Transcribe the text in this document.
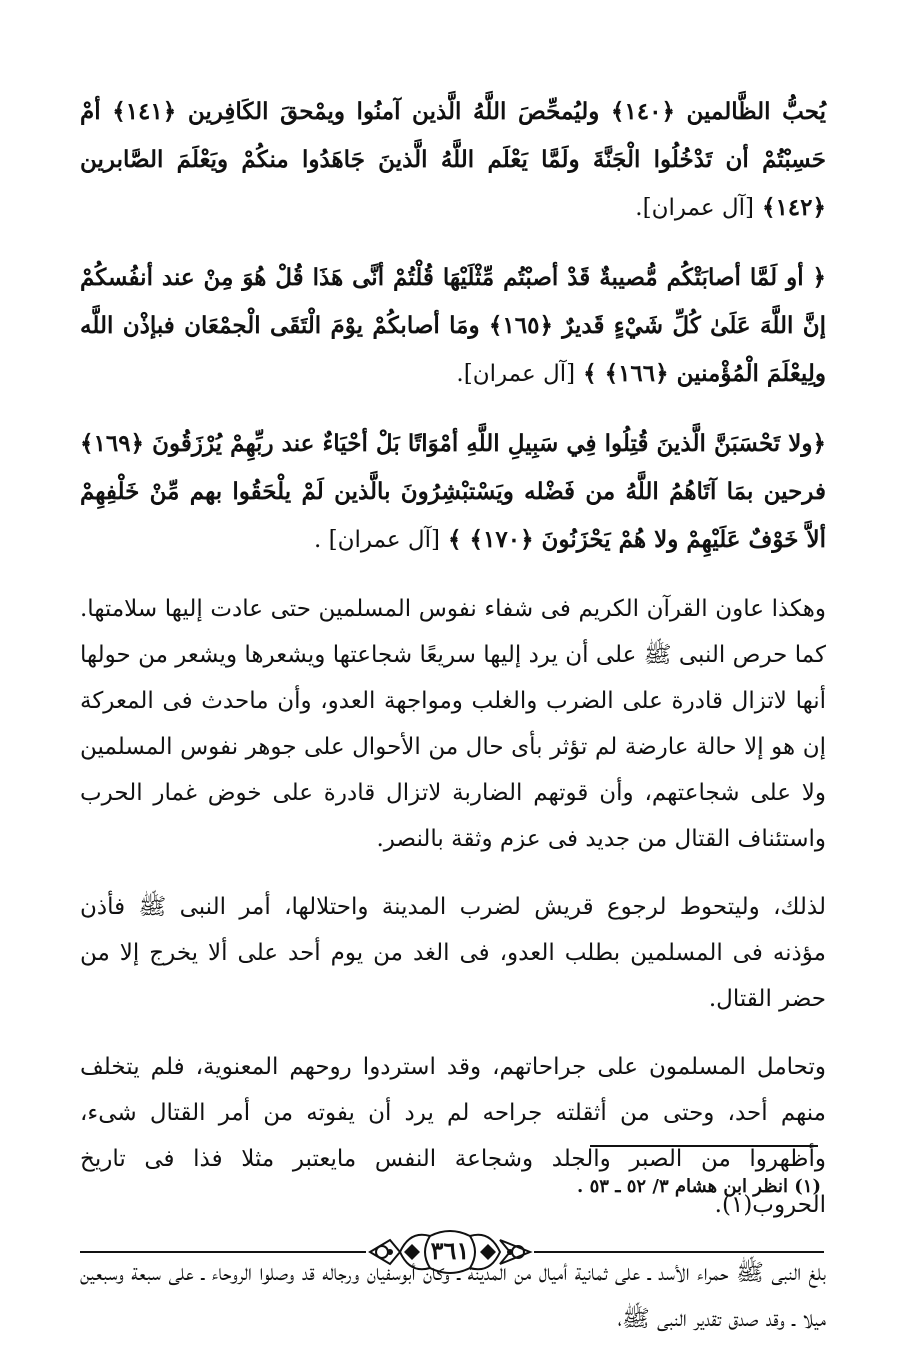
يُحبُّ الظَّالمين ﴿١٤٠﴾ وليُمحِّصَ اللَّهُ الَّذين آمنُوا ويمْحقَ الكَافِرين ﴿١٤١﴾ أمْ حَسِبْتُمْ أن تَدْخُلُوا الْجَنَّةَ ولَمَّا يَعْلَم اللَّهُ الَّذينَ جَاهَدُوا منكُمْ ويَعْلَمَ الصَّابرين ﴿١٤٢﴾ [آل عمران].

﴿ أو لَمَّا أصابَتْكُم مُّصيبةٌ قَدْ أصبْتُم مِّثْلَيْهَا قُلْتُمْ أنَّى هَذَا قُلْ هُوَ مِنْ عند أنفُسكُمْ إنَّ اللَّهَ عَلَىٰ كُلِّ شَيْءٍ قَديرٌ ﴿١٦٥﴾ ومَا أصابكُمْ يوْمَ الْتَقَى الْجمْعَان فبإذْن اللَّه ولِيعْلَمَ الْمُؤْمنين ﴿١٦٦﴾ ﴾ [آل عمران].

﴿ولا تَحْسَبَنَّ الَّذينَ قُتِلُوا فِي سَبِيلِ اللَّهِ أمْوَاتًا بَلْ أحْيَاءٌ عند ربِّهِمْ يُرْزَقُونَ ﴿١٦٩﴾ فرحين بمَا آتَاهُمُ اللَّهُ من فَضْله ويَسْتبْشِرُونَ بالَّذين لَمْ يلْحَقُوا بهم مِّنْ خَلْفِهِمْ ألاَّ خَوْفٌ عَلَيْهِمْ ولا هُمْ يَحْزَنُونَ ﴿١٧٠﴾ ﴾ [آل عمران] .

وهكذا عاون القرآن الكريم فى شفاء نفوس المسلمين حتى عادت إليها سلامتها. كما حرص النبى ﷺ على أن يرد إليها سريعًا شجاعتها ويشعرها ويشعر من حولها أنها لاتزال قادرة على الضرب والغلب ومواجهة العدو، وأن ماحدث فى المعركة إن هو إلا حالة عارضة لم تؤثر بأى حال من الأحوال على جوهر نفوس المسلمين ولا على شجاعتهم، وأن قوتهم الضاربة لاتزال قادرة على خوض غمار الحرب واستئناف القتال من جديد فى عزم وثقة بالنصر.

لذلك، وليتحوط لرجوع قريش لضرب المدينة واحتلالها، أمر النبى ﷺ فأذن مؤذنه فى المسلمين بطلب العدو، فى الغد من يوم أحد على ألا يخرج إلا من حضر القتال.

وتحامل المسلمون على جراحاتهم، وقد استردوا روحهم المعنوية، فلم يتخلف منهم أحد، وحتى من أثقلته جراحه لم يرد أن يفوته من أمر القتال شىء، وأظهروا من الصبر والجلد وشجاعة النفس مايعتبر مثلا فذا فى تاريخ الحروب(١).

بلغ النبى ﷺ حمراء الأسد ـ على ثمانية أميال من المدينة ـ وكان أبوسفيان ورجاله قد وصلوا الروحاء ـ على سبعة وسبعين ميلا ـ وقد صدق تقدير النبى ﷺ،

(١) انظر ابن هشام ٣/ ٥٢ ـ ٥٣ .
٣٦١
